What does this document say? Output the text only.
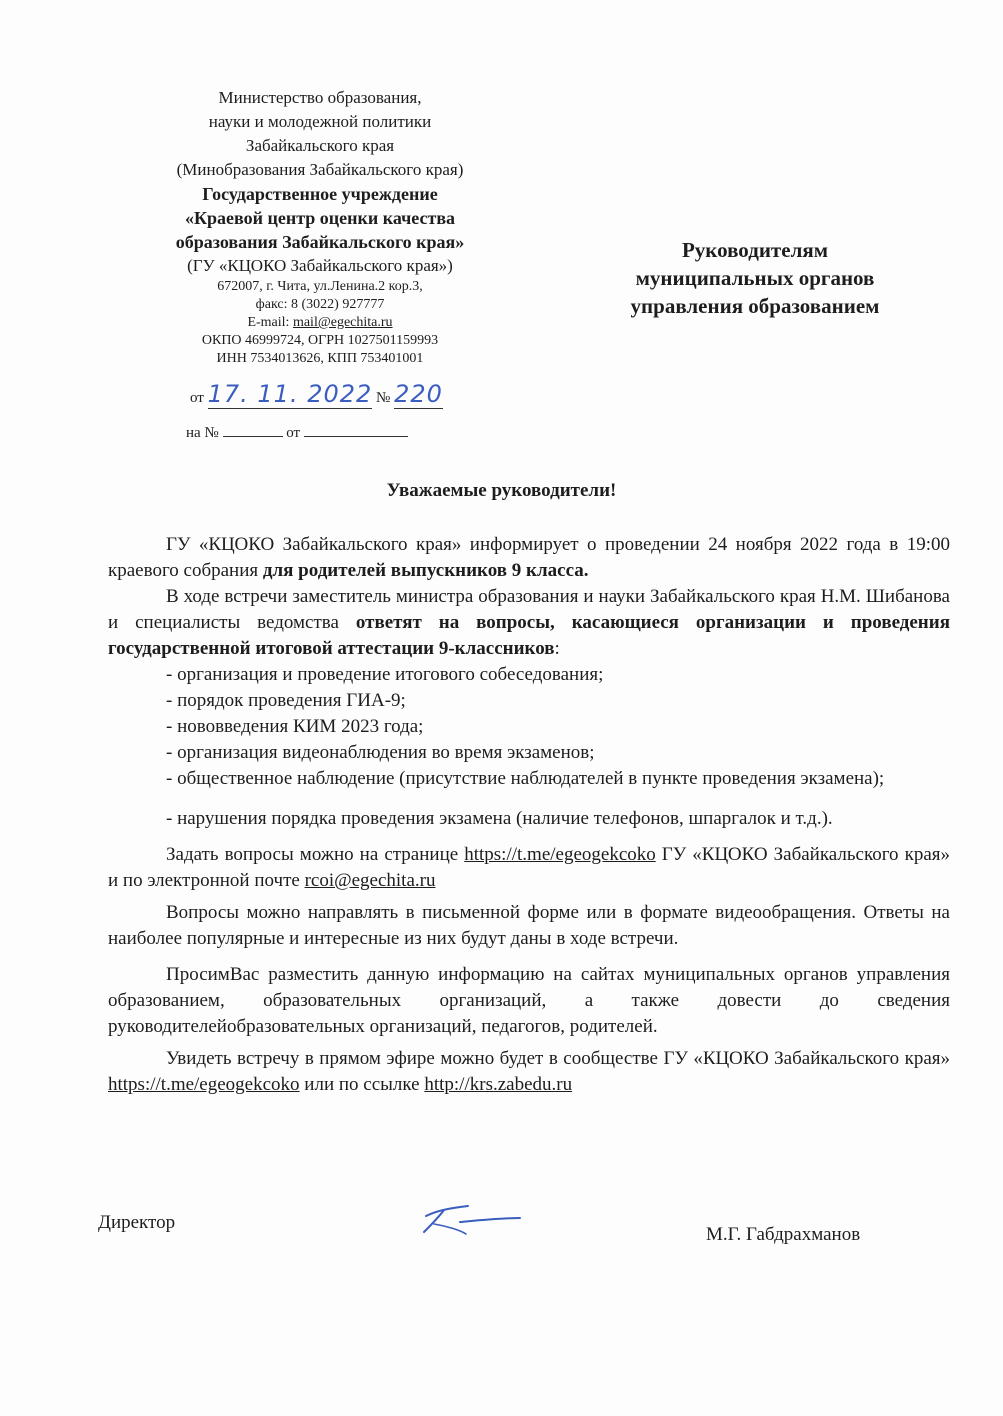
Министерство образования,
науки и молодежной политики
Забайкальского края
(Минобразования Забайкальского края)
Государственное учреждение
«Краевой центр оценки качества
образования Забайкальского края»
(ГУ «КЦОКО Забайкальского края»)
672007, г. Чита, ул.Ленина.2 кор.3,
факс: 8 (3022) 927777
E-mail: mail@egechita.ru
ОКПО 46999724, ОГРН 1027501159993
ИНН 7534013626, КПП 753401001
от 17. 11. 2022 № 220
на №	от
Руководителям
муниципальных органов
управления образованием
Уважаемые руководители!

ГУ «КЦОКО Забайкальского края» информирует о проведении 24 ноября 2022 года в 19:00 краевого собрания для родителей выпускников 9 класса.

В ходе встречи заместитель министра образования и науки Забайкальского края Н.М. Шибанова и специалисты ведомства ответят на вопросы, касающиеся организации и проведения государственной итоговой аттестации 9-классников:

- организация и проведение итогового собеседования;

- порядок проведения ГИА-9;

- нововведения КИМ 2023 года;

- организация видеонаблюдения во время экзаменов;

- общественное наблюдение (присутствие наблюдателей в пункте проведения экзамена);

- нарушения порядка проведения экзамена (наличие телефонов, шпаргалок и т.д.).

Задать вопросы можно на странице https://t.me/egeogekcoko ГУ «КЦОКО Забайкальского края» и по электронной почте rcoi@egechita.ru

Вопросы можно направлять в письменной форме или в формате видеообращения. Ответы на наиболее популярные и интересные из них будут даны в ходе встречи.

ПросимВас разместить данную информацию на сайтах муниципальных органов управления образованием, образовательных организаций, а также довести до сведения руководителейобразовательных организаций, педагогов, родителей.

Увидеть встречу в прямом эфире можно будет в сообществе ГУ «КЦОКО Забайкальского края» https://t.me/egeogekcoko или по ссылке http://krs.zabedu.ru

Директор
М.Г. Габдрахманов
